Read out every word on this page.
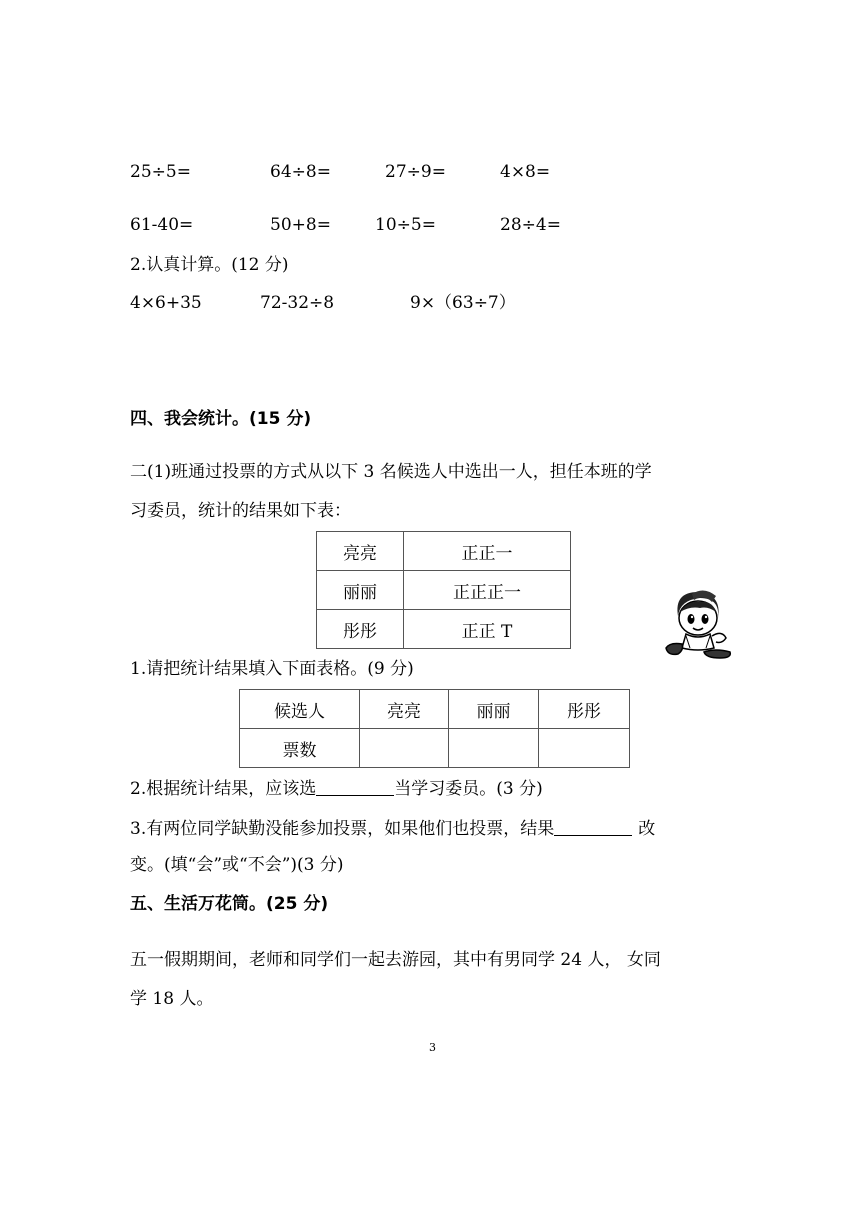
25÷5=	64÷8=	27÷9=	4×8=
61-40=	50+8=	10÷5=	28÷4=
2.认真计算。(12 分)
4×6+35	72-32÷8	9×（63÷7）
四、我会统计。(15 分)
二(1)班通过投票的方式从以下 3 名候选人中选出一人，担任本班的学
习委员，统计的结果如下表：
亮亮	正正一
丽丽	正正正一
彤彤	正正 T
1.请把统计结果填入下面表格。(9 分)
候选人	亮亮	丽丽	彤彤
票数			
2.根据统计结果，应该选	当学习委员。(3 分)
3.有两位同学缺勤没能参加投票，如果他们也投票，结果	改
变。(填“会”或“不会”)(3 分)
五、生活万花筒。(25 分)
五一假期期间，老师和同学们一起去游园，其中有男同学 24 人， 女同
学 18 人。
3
